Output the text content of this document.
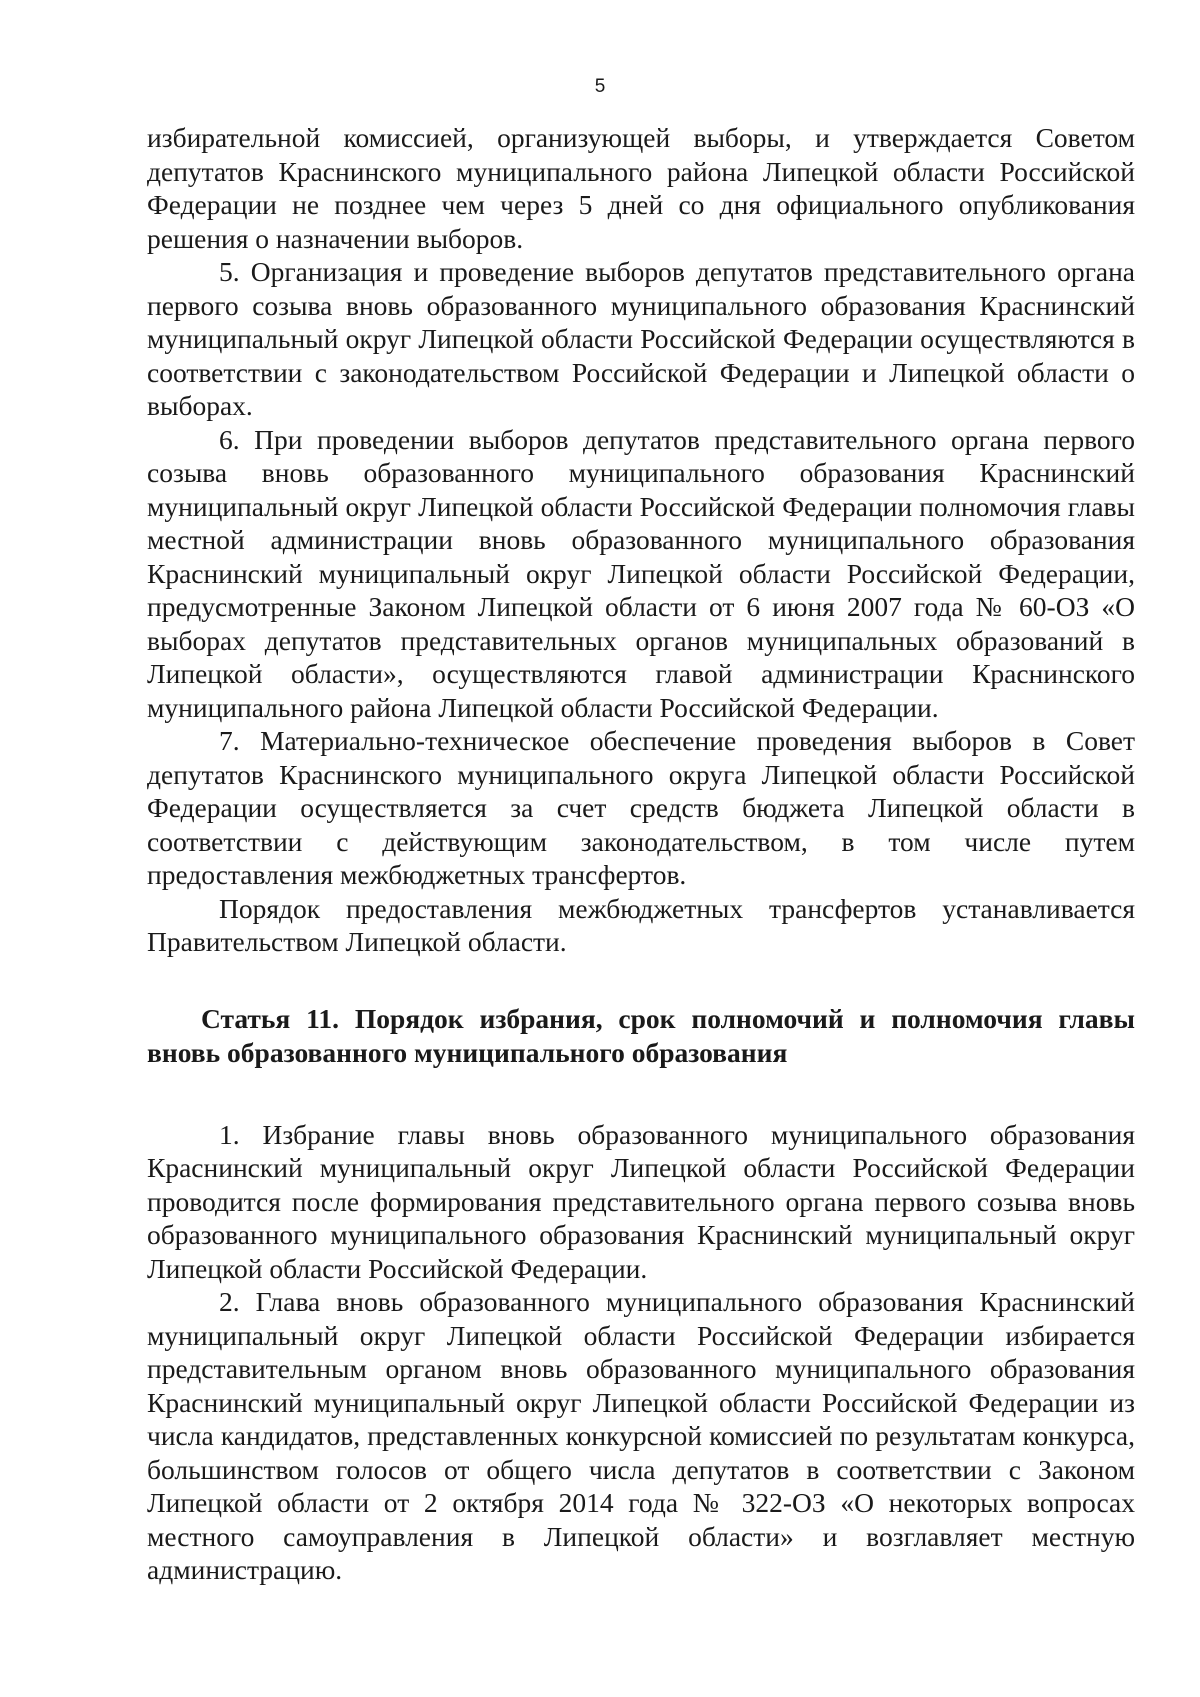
5

избирательной комиссией, организующей выборы, и утверждается Советом депутатов Краснинского муниципального района Липецкой области Российской Федерации не позднее чем через 5 дней со дня официального опубликования решения о назначении выборов.

5. Организация и проведение выборов депутатов представительного органа первого созыва вновь образованного муниципального образования Краснинский муниципальный округ Липецкой области Российской Федерации осуществляются в соответствии с законодательством Российской Федерации и Липецкой области о выборах.

6. При проведении выборов депутатов представительного органа первого созыва вновь образованного муниципального образования Краснинский муниципальный округ Липецкой области Российской Федерации полномочия главы местной администрации вновь образованного муниципального образования Краснинский муниципальный округ Липецкой области Российской Федерации, предусмотренные Законом Липецкой области от 6 июня 2007 года № 60-ОЗ «О выборах депутатов представительных органов муниципальных образований в Липецкой области», осуществляются главой администрации Краснинского муниципального района Липецкой области Российской Федерации.

7. Материально-техническое обеспечение проведения выборов в Совет депутатов Краснинского муниципального округа Липецкой области Российской Федерации осуществляется за счет средств бюджета Липецкой области в соответствии с действующим законодательством, в том числе путем предоставления межбюджетных трансфертов.

Порядок предоставления межбюджетных трансфертов устанавливается Правительством Липецкой области.

Статья 11. Порядок избрания, срок полномочий и полномочия главы вновь образованного муниципального образования

1. Избрание главы вновь образованного муниципального образования Краснинский муниципальный округ Липецкой области Российской Федерации проводится после формирования представительного органа первого созыва вновь образованного муниципального образования Краснинский муниципальный округ Липецкой области Российской Федерации.

2. Глава вновь образованного муниципального образования Краснинский муниципальный округ Липецкой области Российской Федерации избирается представительным органом вновь образованного муниципального образования Краснинский муниципальный округ Липецкой области Российской Федерации из числа кандидатов, представленных конкурсной комиссией по результатам конкурса, большинством голосов от общего числа депутатов в соответствии с Законом Липецкой области от 2 октября 2014 года № 322-ОЗ «О некоторых вопросах местного самоуправления в Липецкой области» и возглавляет местную администрацию.
